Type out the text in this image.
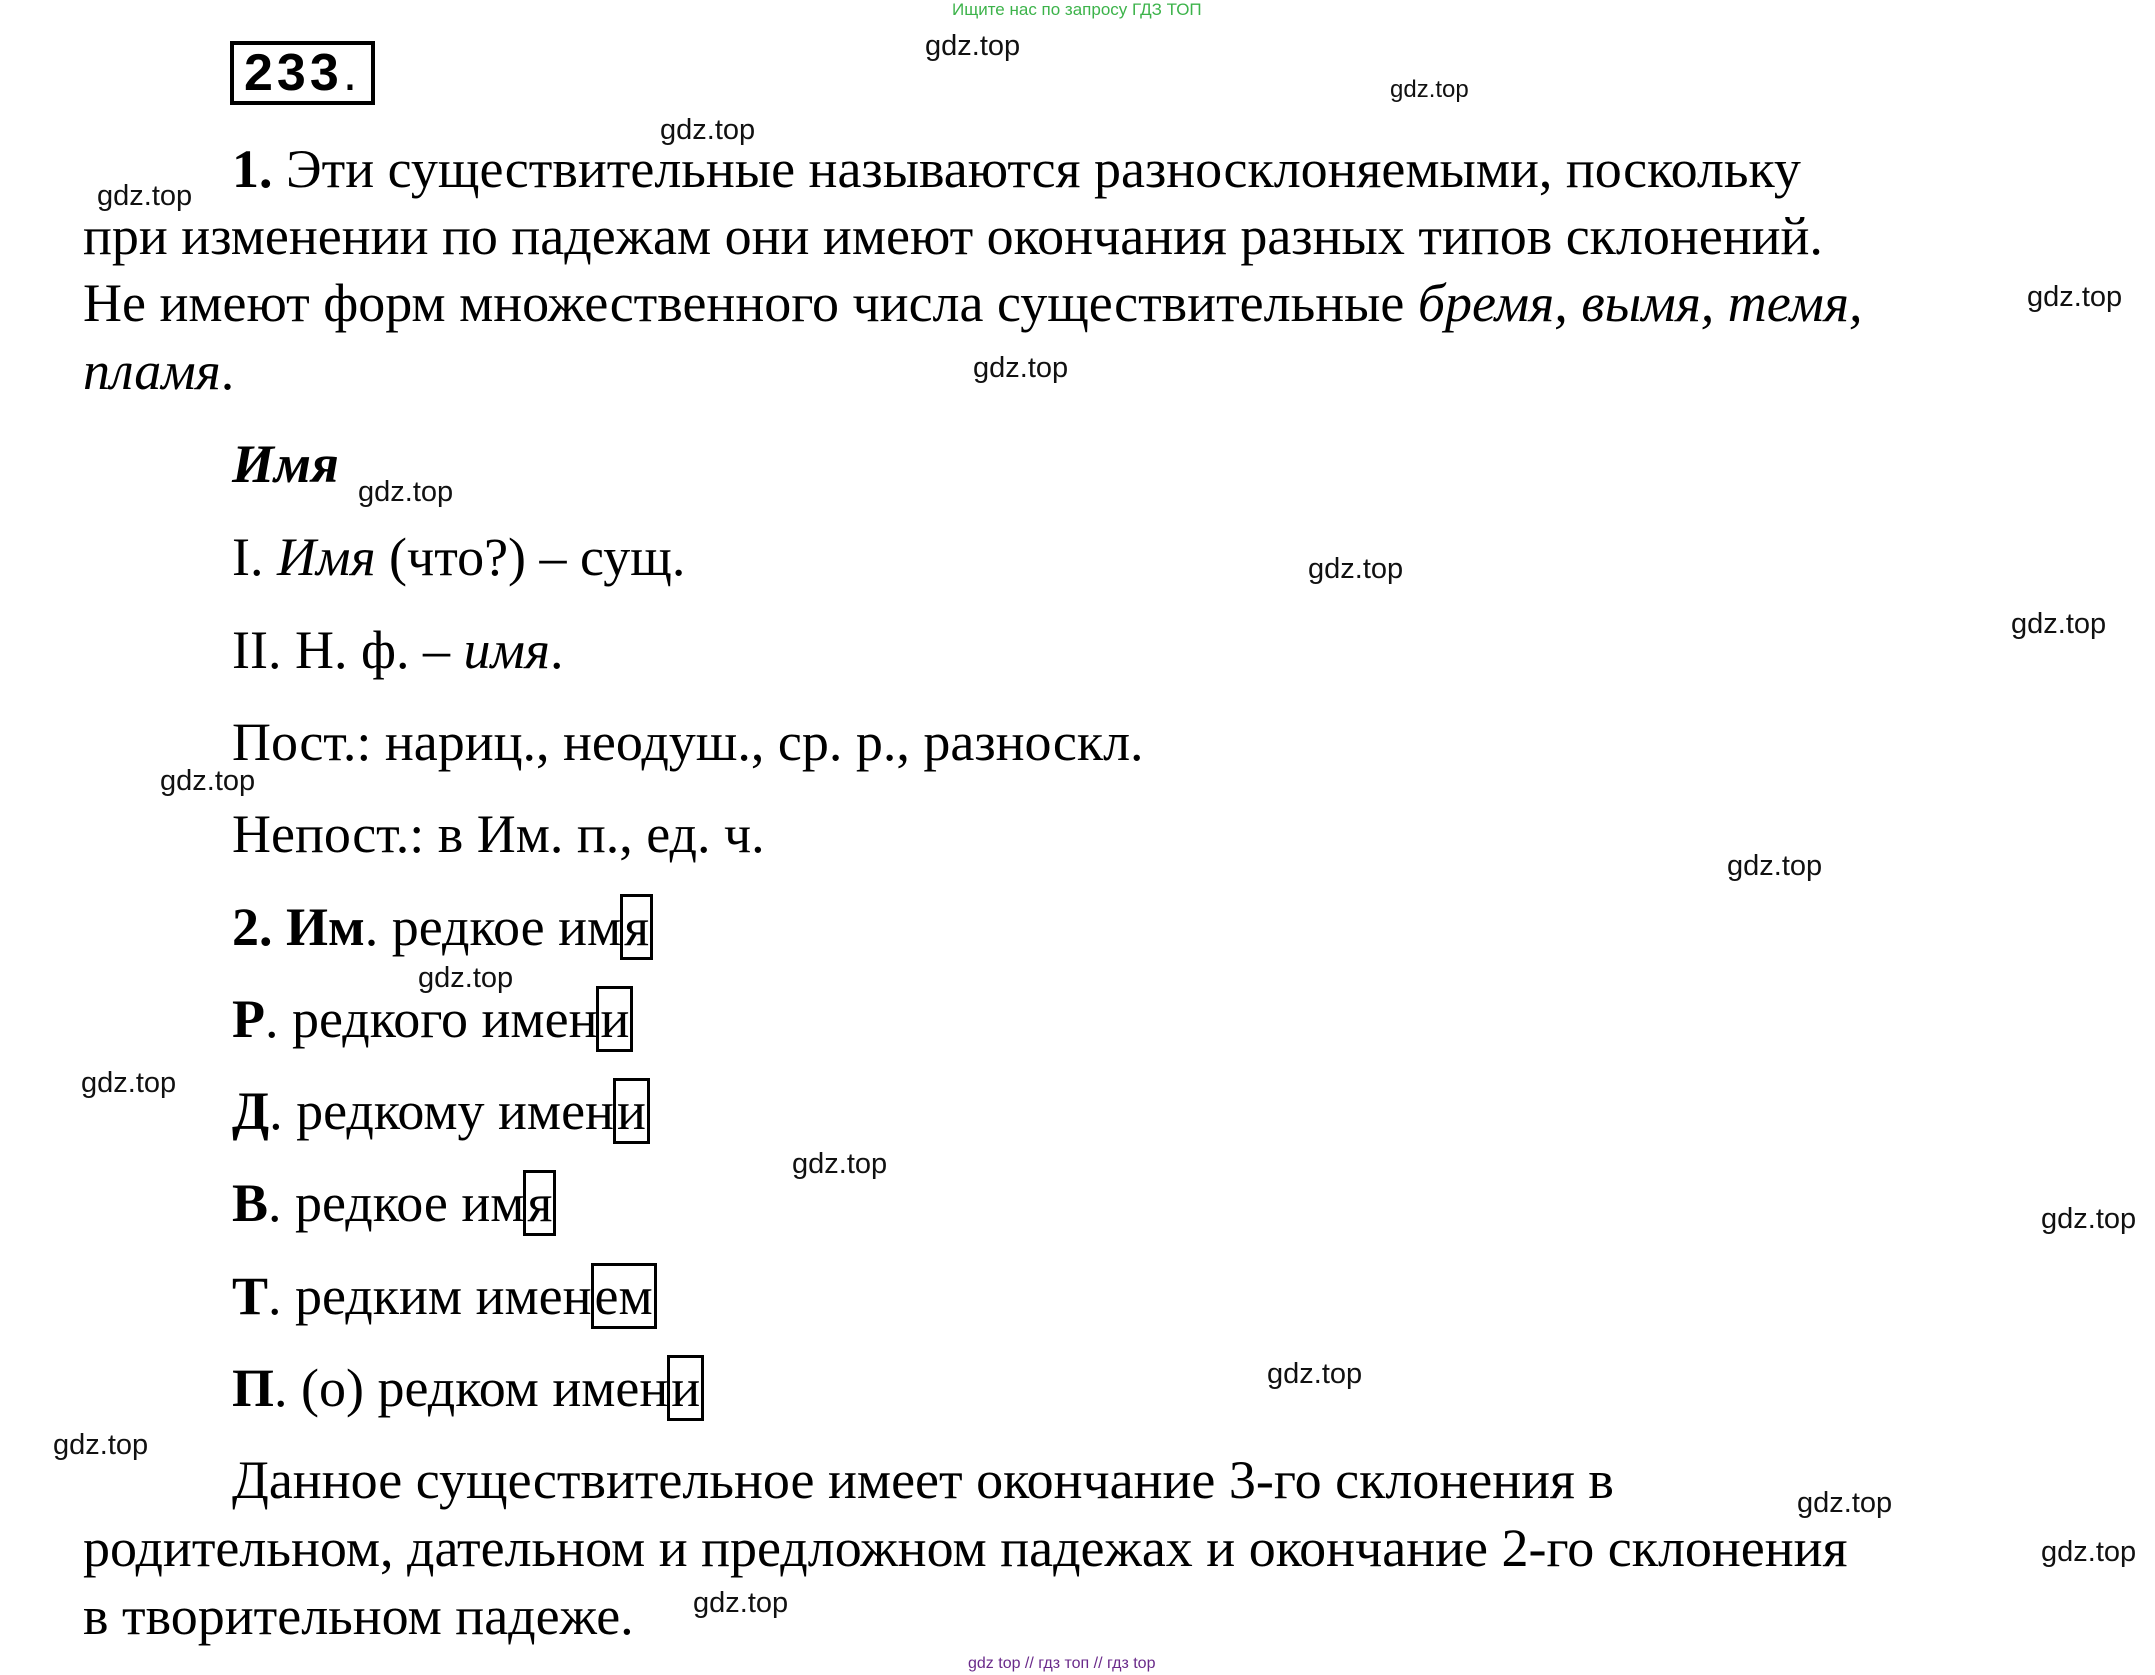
Ищите нас по запросу ГДЗ ТОП
233.
1. Эти существительные называются разносклоняемыми, поскольку
при изменении по падежам они имеют окончания разных типов склонений.
Не имеют форм множественного числа существительные бремя, вымя, темя,
пламя.
Имя
I. Имя (что?) – сущ.
II. Н. ф. – имя.
Пост.: нариц., неодуш., ср. р., разноскл.
Непост.: в Им. п., ед. ч.
2. Им. редкое имя
Р. редкого имени
Д. редкому имени
В. редкое имя
Т. редким именем
П. (о) редком имени
Данное существительное имеет окончание 3-го склонения в
родительном, дательном и предложном падежах и окончание 2-го склонения
в творительном падеже.
gdz.top
gdz.top
gdz.top
gdz.top
gdz.top
gdz.top
gdz.top
gdz.top
gdz.top
gdz.top
gdz.top
gdz.top
gdz.top
gdz.top
gdz.top
gdz.top
gdz.top
gdz.top
gdz.top
gdz.top
gdz top // гдз топ // гдз top
